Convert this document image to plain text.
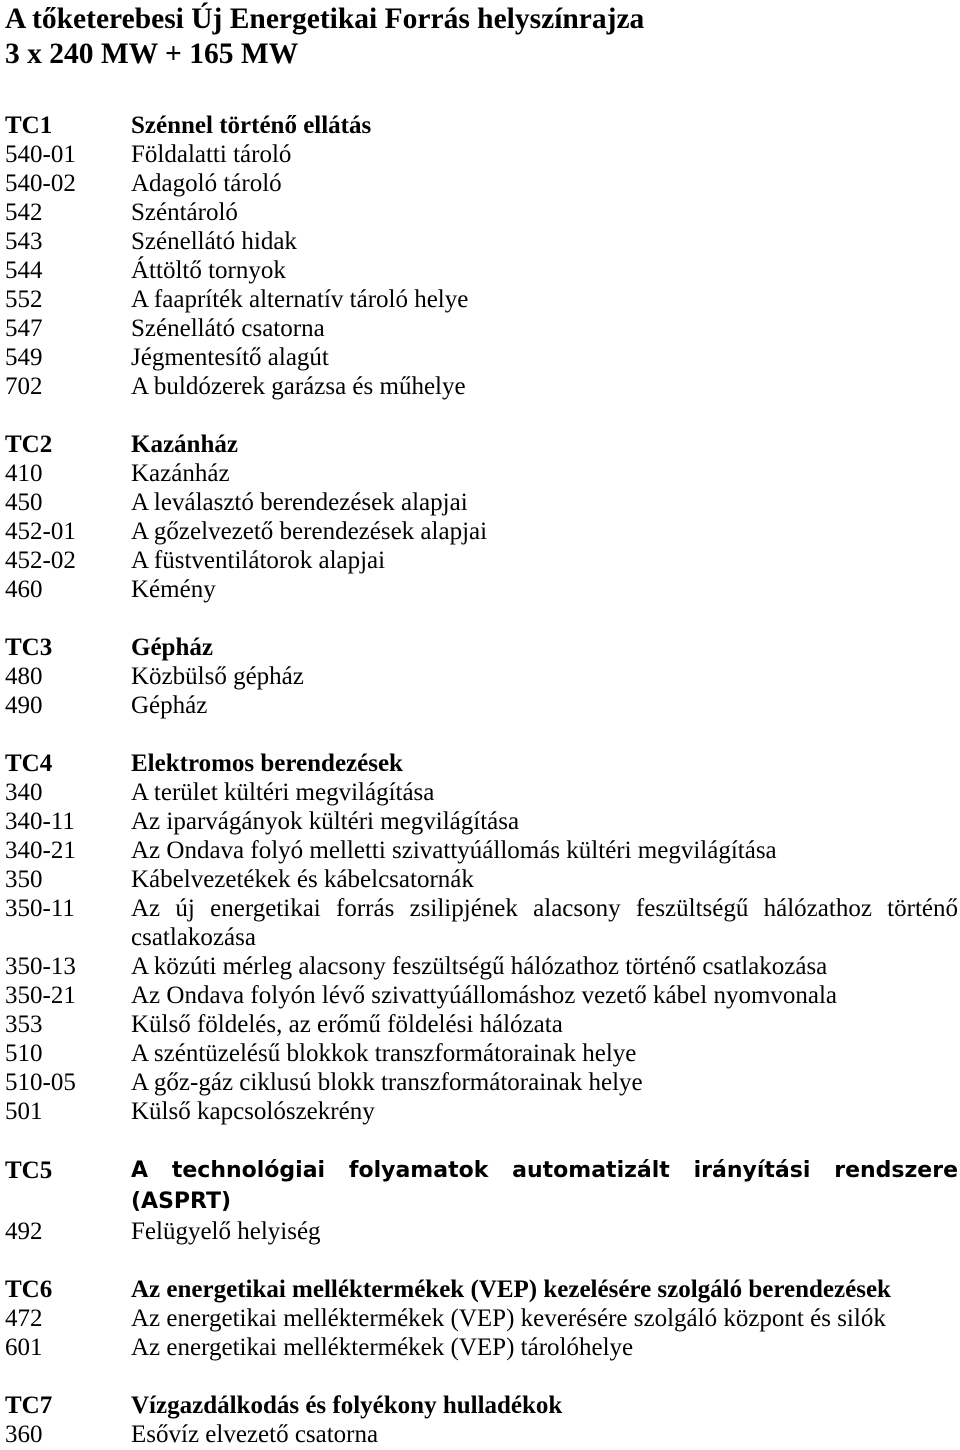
A tőketerebesi Új Energetikai Forrás helyszínrajza
3 x 240 MW + 165 MW
TC1	Szénnel történő ellátás
540-01	Földalatti tároló
540-02	Adagoló tároló
542	Széntároló
543	Szénellátó hidak
544	Áttöltő tornyok
552	A faapríték alternatív tároló helye
547	Szénellátó csatorna
549	Jégmentesítő alagút
702	A buldózerek garázsa és műhelye
TC2	Kazánház
410	Kazánház
450	A leválasztó berendezések alapjai
452-01	A gőzelvezető berendezések alapjai
452-02	A füstventilátorok alapjai
460	Kémény
TC3	Gépház
480	Közbülső gépház
490	Gépház
TC4	Elektromos berendezések
340	A terület kültéri megvilágítása
340-11	Az iparvágányok kültéri megvilágítása
340-21	Az Ondava folyó melletti szivattyúállomás kültéri megvilágítása
350	Kábelvezetékek és kábelcsatornák
350-11	Az új energetikai forrás zsilipjének alacsony feszültségű hálózathoz történő csatlakozása
350-13	A közúti mérleg alacsony feszültségű hálózathoz történő csatlakozása
350-21	Az Ondava folyón lévő szivattyúállomáshoz vezető kábel nyomvonala
353	Külső földelés, az erőmű földelési hálózata
510	A széntüzelésű blokkok transzformátorainak helye
510-05	A gőz-gáz ciklusú blokk transzformátorainak helye
501	Külső kapcsolószekrény
TC5	A technológiai folyamatok automatizált irányítási rendszere (ASPRT)
492	Felügyelő helyiség
TC6	Az energetikai melléktermékek (VEP) kezelésére szolgáló berendezések
472	Az energetikai melléktermékek (VEP) keverésére szolgáló központ és silók
601	Az energetikai melléktermékek (VEP) tárolóhelye
TC7	Vízgazdálkodás és folyékony hulladékok
360	Esővíz elvezető csatorna
